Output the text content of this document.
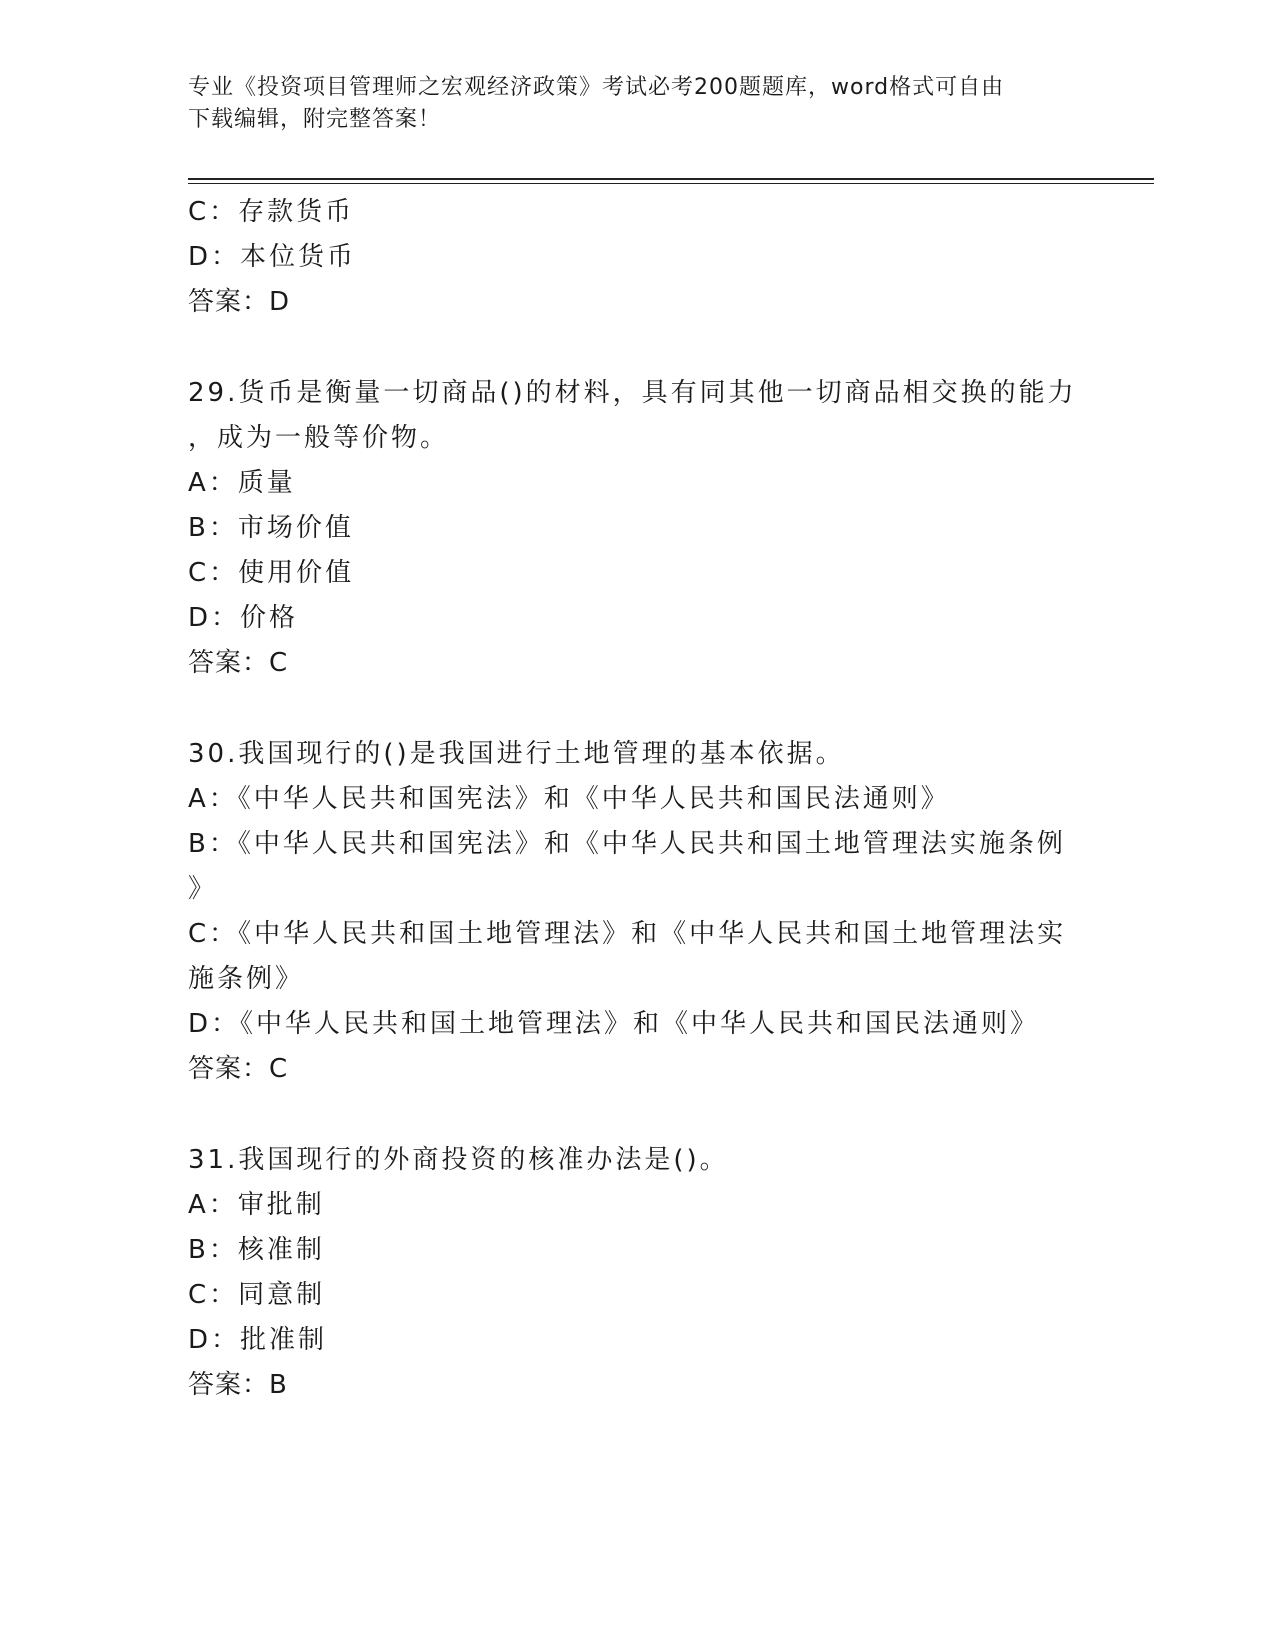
专业《投资项目管理师之宏观经济政策》考试必考200题题库，word格式可自由
下载编辑，附完整答案！
C：存款货币
D：本位货币
答案：D
29.货币是衡量一切商品()的材料，具有同其他一切商品相交换的能力
，成为一般等价物。
A：质量
B：市场价值
C：使用价值
D：价格
答案：C
30.我国现行的()是我国进行土地管理的基本依据。
A：《中华人民共和国宪法》和《中华人民共和国民法通则》
B：《中华人民共和国宪法》和《中华人民共和国土地管理法实施条例
》
C：《中华人民共和国土地管理法》和《中华人民共和国土地管理法实
施条例》
D：《中华人民共和国土地管理法》和《中华人民共和国民法通则》
答案：C
31.我国现行的外商投资的核准办法是()。
A：审批制
B：核准制
C：同意制
D：批准制
答案：B
